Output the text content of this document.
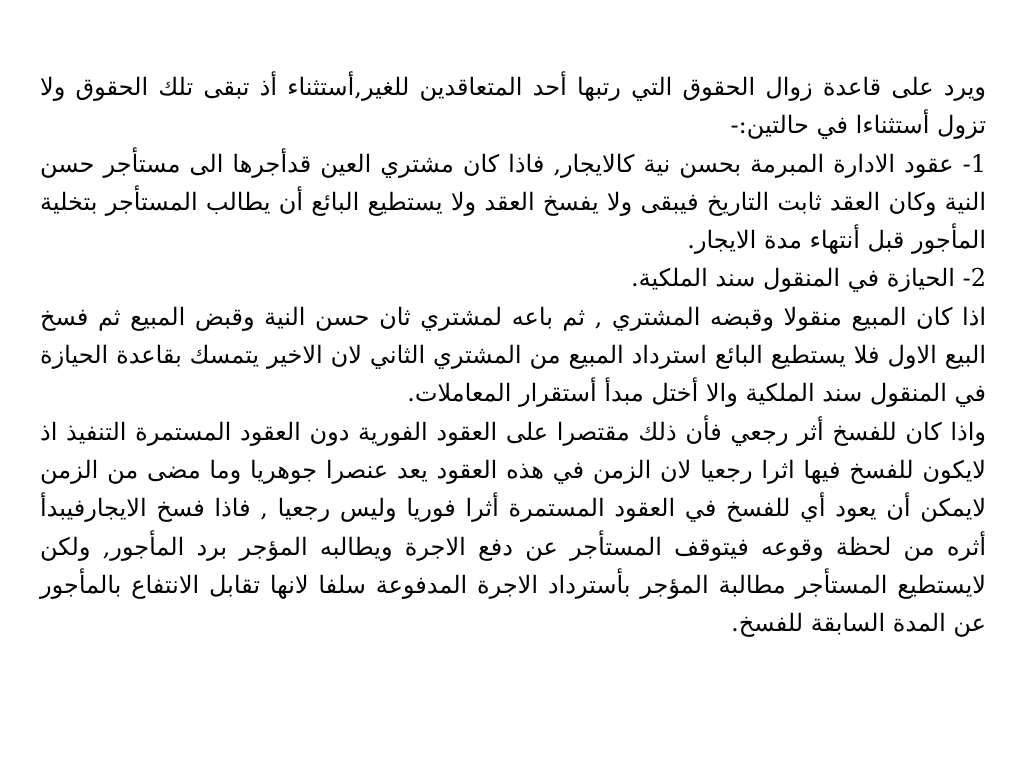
ويرد على قاعدة زوال الحقوق التي رتبها أحد المتعاقدين للغير,أستثناء أذ تبقى تلك الحقوق ولا تزول أستثناءا في حالتين:-

1- عقود الادارة المبرمة بحسن نية كالايجار, فاذا كان مشتري العين قدأجرها الى مستأجر حسن النية وكان العقد ثابت التاريخ فيبقى ولا يفسخ العقد ولا يستطيع البائع أن يطالب المستأجر بتخلية المأجور قبل أنتهاء مدة الايجار.

2- الحيازة في المنقول سند الملكية.

اذا كان المبيع منقولا وقبضه المشتري , ثم باعه لمشتري ثان حسن النية وقبض المبيع ثم فسخ البيع الاول فلا يستطيع البائع استرداد المبيع من المشتري الثاني لان الاخير يتمسك بقاعدة الحيازة في المنقول سند الملكية والا أختل مبدأ أستقرار المعاملات.

واذا كان للفسخ أثر رجعي فأن ذلك مقتصرا على العقود الفورية دون العقود المستمرة التنفيذ اذ لايكون للفسخ فيها اثرا رجعيا لان الزمن في هذه العقود يعد عنصرا جوهريا وما مضى من الزمن لايمكن أن يعود أي للفسخ في العقود المستمرة أثرا فوريا وليس رجعيا , فاذا فسخ الايجارفيبدأ أثره من لحظة وقوعه فيتوقف المستأجر عن دفع الاجرة ويطالبه المؤجر برد المأجور, ولكن لايستطيع المستأجر مطالبة المؤجر بأسترداد الاجرة المدفوعة سلفا لانها تقابل الانتفاع بالمأجور عن المدة السابقة للفسخ.
